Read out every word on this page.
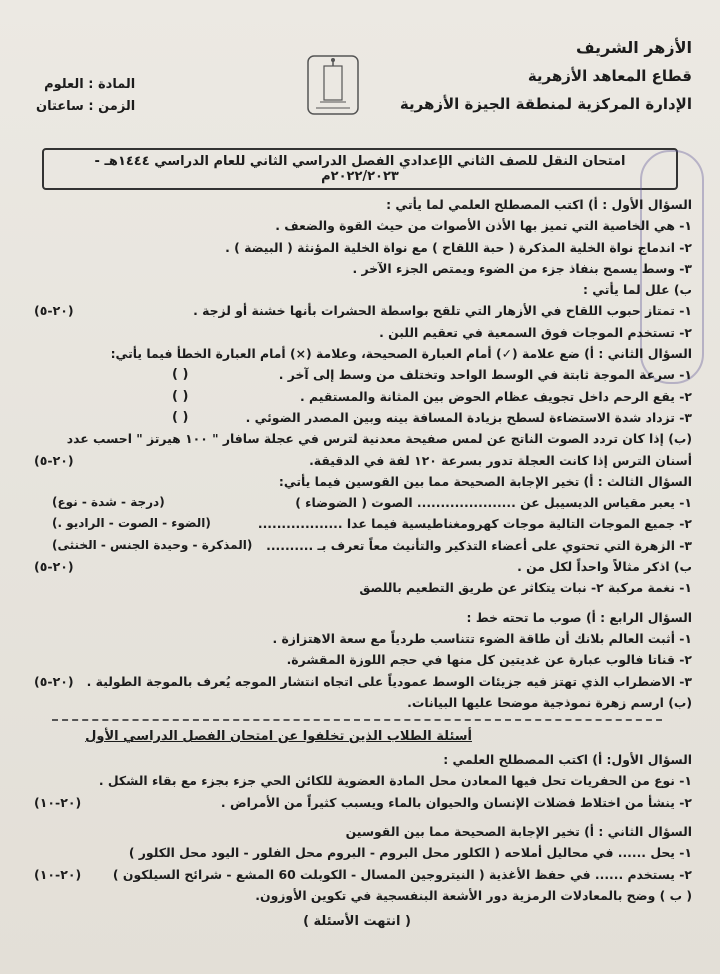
الأزهر الشريف
قطاع المعاهد الأزهرية
الإدارة المركزية لمنطقة الجيزة الأزهرية
المادة : العلوم
الزمن : ساعتان
امتحان النقل للصف الثاني الإعدادي الفصل الدراسي الثاني للعام الدراسي ١٤٤٤هـ - ٢٠٢٢/٢٠٢٣م
السؤال الأول : أ) اكتب المصطلح العلمي لما يأتي :
١- هي الخاصية التي تميز بها الأذن الأصوات من حيث القوة والضعف .
٢- اندماج نواة الخلية المذكرة ( حبة اللقاح ) مع نواة الخلية المؤنثة ( البيضة ) .
٣- وسط يسمح بنفاذ جزء من الضوء ويمتص الجزء الآخر .
ب) علل لما يأتي :
١- تمتاز حبوب اللقاح في الأزهار التي تلقح بواسطة الحشرات بأنها خشنة أو لزجة .
(٢٠-٥)
٢- تستخدم الموجات فوق السمعية في تعقيم اللبن .
السؤال الثاني : أ) ضع علامة (✓) أمام العبارة الصحيحة، وعلامة (×) أمام العبارة الخطأ فيما يأتي:
١- سرعة الموجة ثابتة في الوسط الواحد وتختلف من وسط إلى آخر .
( )
٢- يقع الرحم داخل تجويف عظام الحوض بين المثانة والمستقيم .
( )
٣- تزداد شدة الاستضاءة لسطح بزيادة المسافة بينه وبين المصدر الضوئي .
( )
(ب) إذا كان تردد الصوت الناتج عن لمس صفيحة معدنية لترس في عجلة سافار " ١٠٠ هيرتز " احسب عدد
أسنان الترس إذا كانت العجلة تدور بسرعة ١٢٠ لفة في الدقيقة.
(٢٠-٥)
السؤال الثالث : أ) تخير الإجابة الصحيحة مما بين القوسين فيما يأتي:
١- يعبر مقياس الديسيبل عن ..................... الصوت ( الضوضاء )
(درجة - شدة - نوع)
٢- جميع الموجات التالية موجات كهرومغناطيسية فيما عدا ..................
(الضوء - الصوت - الراديو .)
٣- الزهرة التي تحتوي على أعضاء التذكير والتأنيث معاً تعرف بـ ..........
(المذكرة - وحيدة الجنس - الخنثى)
ب) اذكر مثالاً واحداً لكل من .
(٢٠-٥)
١- نغمة مركبة ٢- نبات يتكاثر عن طريق التطعيم باللصق
السؤال الرابع : أ) صوب ما تحته خط :
١- أثبت العالم بلانك أن طاقة الضوء تتناسب طردياً مع سعة الاهتزازة .
٢- قناتا فالوب عبارة عن غديتين كل منها في حجم اللوزة المقشرة.
٣- الاضطراب الذي تهتز فيه جزيئات الوسط عمودياً على اتجاه انتشار الموجه يُعرف بالموجة الطولية .
(٢٠-٥)
(ب) ارسم زهرة نموذجية موضحا عليها البيانات.
أسئلة الطلاب الذين تخلفوا عن امتحان الفصل الدراسي الأول
السؤال الأول: أ) اكتب المصطلح العلمي :
١- نوع من الحفريات تحل فيها المعادن محل المادة العضوية للكائن الحي جزء بجزء مع بقاء الشكل .
٢- ينشأ من اختلاط فضلات الإنسان والحيوان بالماء ويسبب كثيراً من الأمراض .
(٢٠-١٠)
السؤال الثاني : أ) تخير الإجابة الصحيحة مما بين القوسين
١- يحل ...... في محاليل أملاحه ( الكلور محل البروم - البروم محل الفلور - اليود محل الكلور )
٢- يستخدم ...... في حفظ الأغذية ( النيتروجين المسال - الكوبلت 60 المشع - شرائح السيلكون )
(٢٠-١٠)
( ب ) وضح بالمعادلات الرمزية دور الأشعة البنفسجية في تكوين الأوزون.
( انتهت الأسئلة )
